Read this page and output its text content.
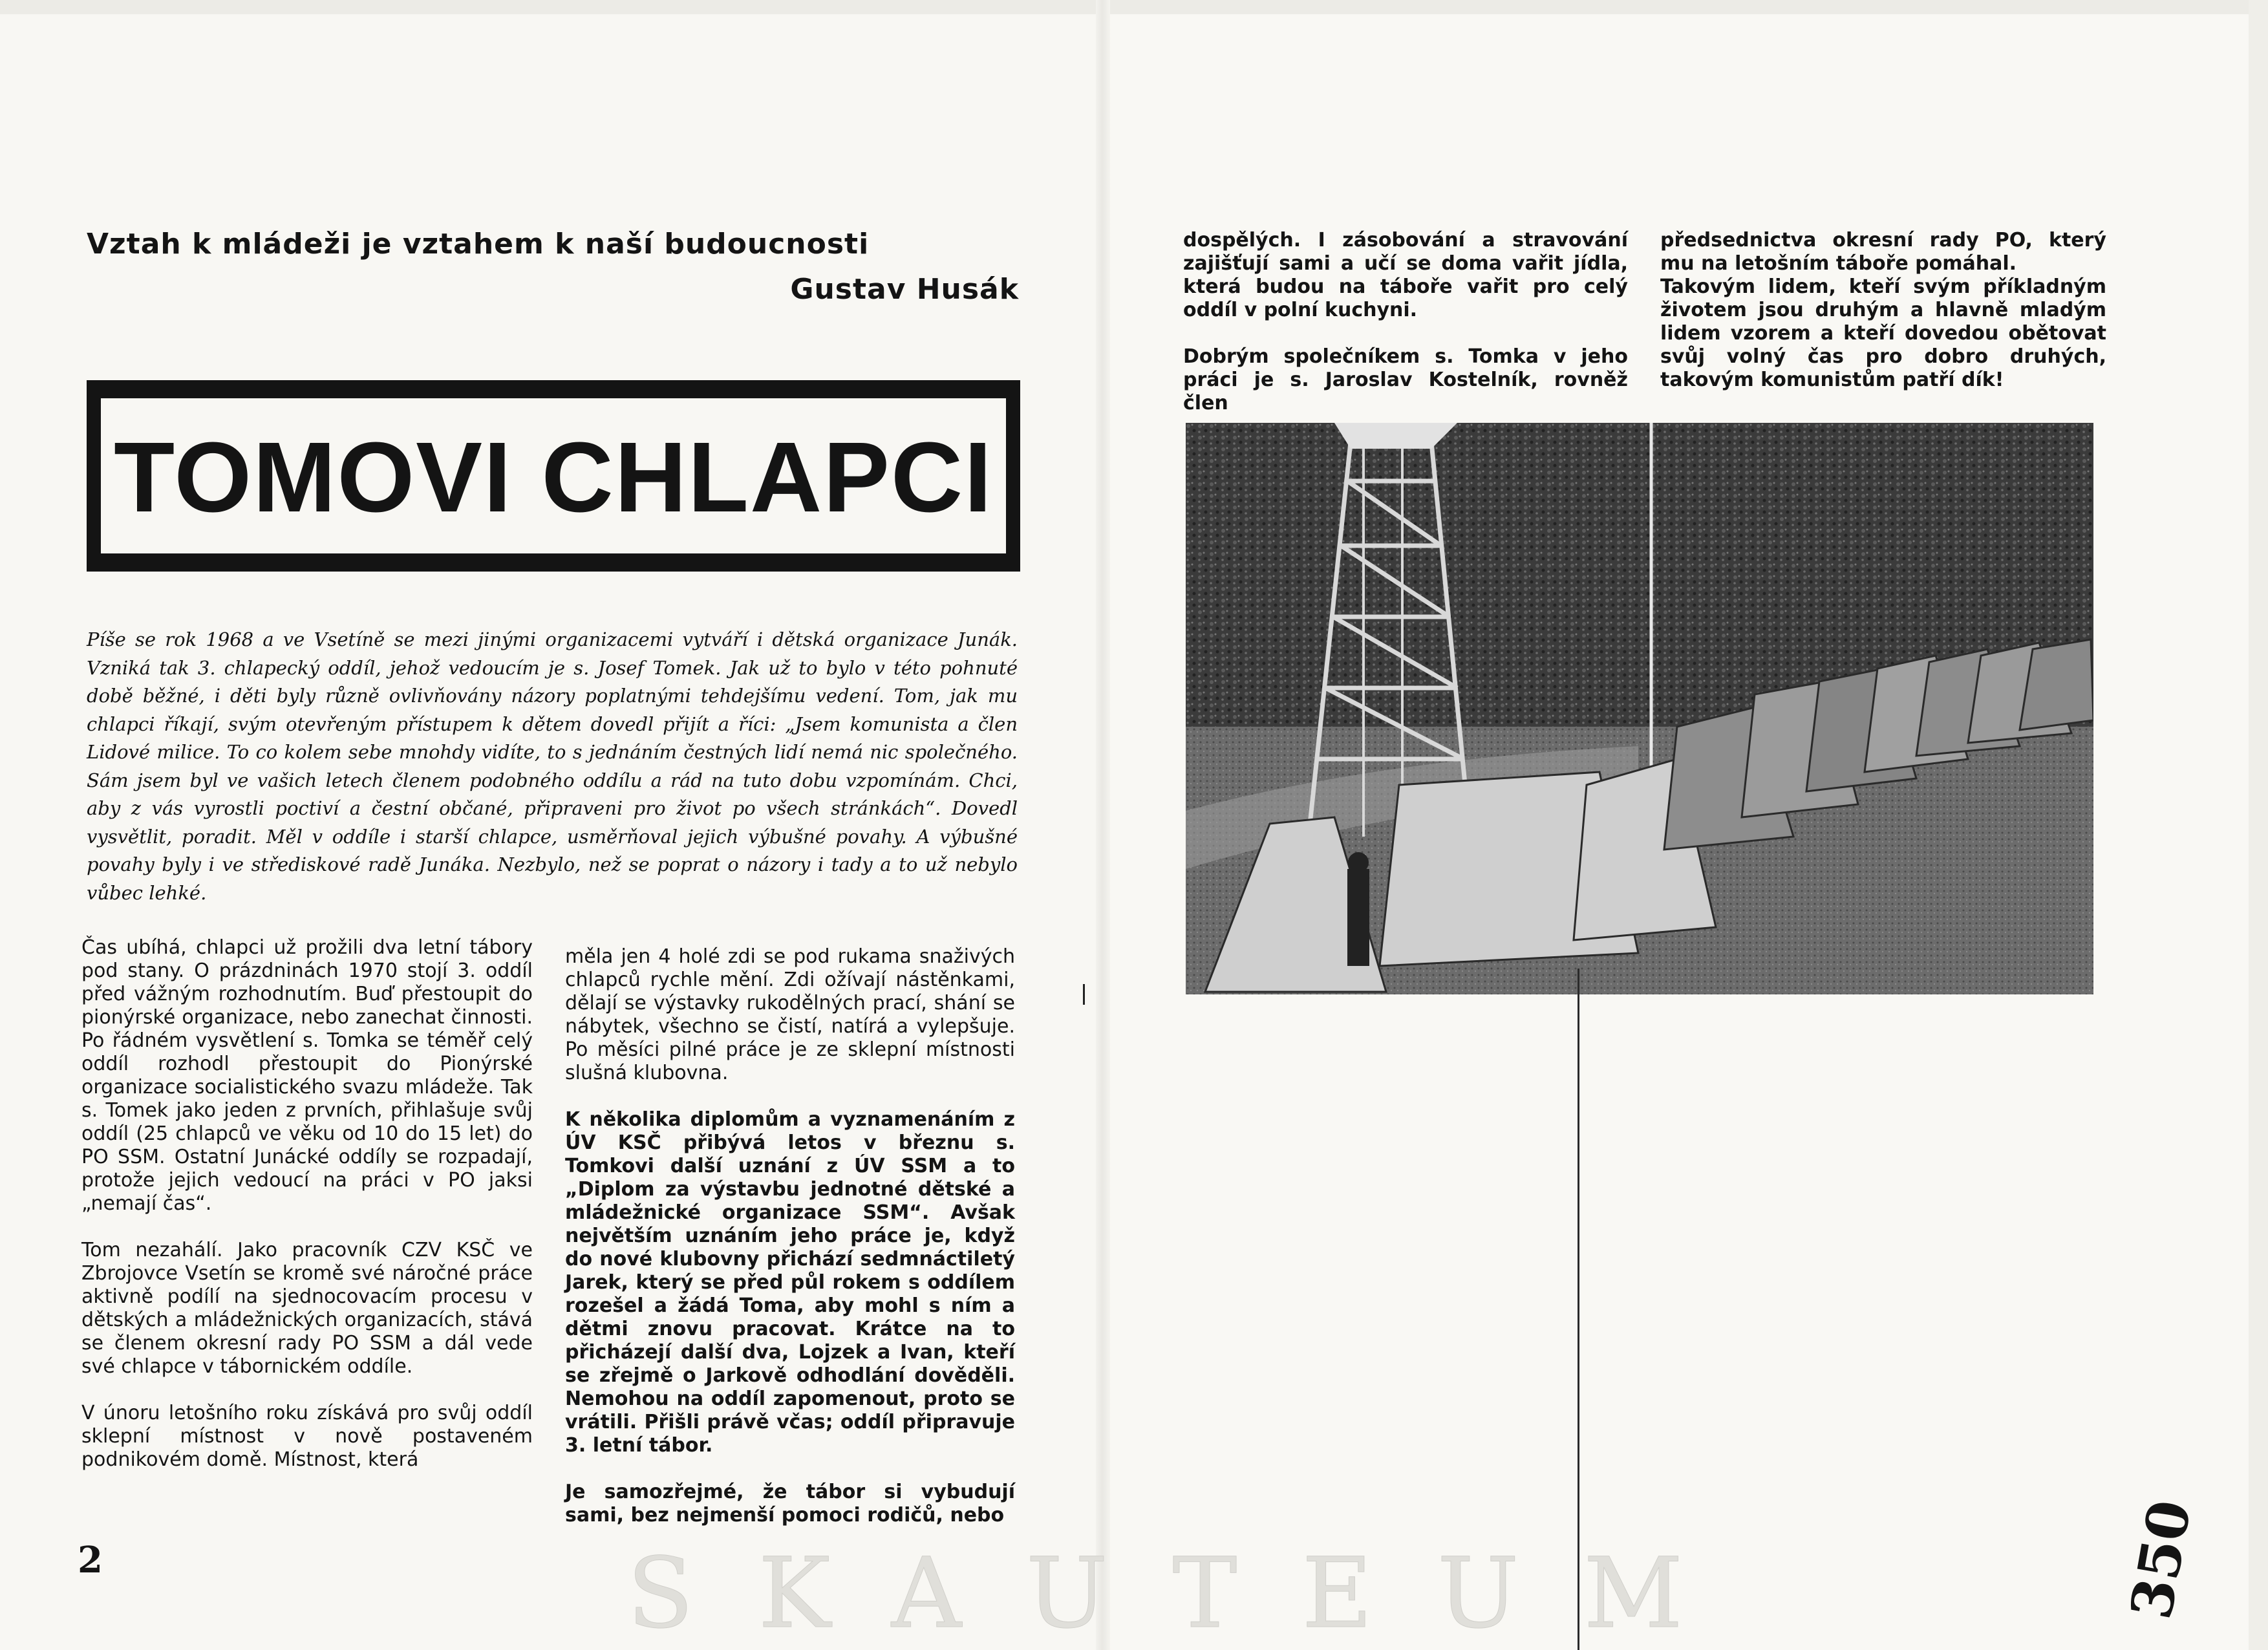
Vztah k mládeži je vztahem k naší budoucnosti
Gustav Husák
TOMOVI CHLAPCI
Píše se rok 1968 a ve Vsetíně se mezi jinými organizacemi vytváří i dětská organizace Junák. Vzniká tak 3. chlapecký oddíl, jehož vedoucím je s. Josef Tomek. Jak už to bylo v této pohnuté době běžné, i děti byly různě ovlivňovány názory poplatnými tehdejšímu vedení. Tom, jak mu chlapci říkají, svým otevřeným přístupem k dětem dovedl přijít a říci: „Jsem komunista a člen Lidové milice. To co kolem sebe mnohdy vidíte, to s jednáním čestných lidí nemá nic společného. Sám jsem byl ve vašich letech členem podobného oddílu a rád na tuto dobu vzpomínám. Chci, aby z vás vyrostli poctiví a čestní občané, připraveni pro život po všech stránkách“. Dovedl vysvětlit, poradit. Měl v oddíle i starší chlapce, usměrňoval jejich výbušné povahy. A výbušné povahy byly i ve střediskové radě Junáka. Nezbylo, než se poprat o názory i tady a to už nebylo vůbec lehké.

Čas ubíhá, chlapci už prožili dva letní tábory pod stany. O prázdninách 1970 stojí 3. oddíl před vážným rozhodnutím. Buď přestoupit do pionýrské organizace, nebo zanechat činnosti. Po řádném vysvětlení s. Tomka se téměř celý oddíl rozhodl přestoupit do Pionýrské organizace socialistického svazu mládeže. Tak s. Tomek jako jeden z prvních, přihlašuje svůj oddíl (25 chlapců ve věku od 10 do 15 let) do PO SSM. Ostatní Junácké oddíly se rozpadají, protože jejich vedoucí na práci v PO jaksi „nemají čas“.

Tom nezahálí. Jako pracovník CZV KSČ ve Zbrojovce Vsetín se kromě své náročné práce aktivně podílí na sjednocovacím procesu v dětských a mládežnických organizacích, stává se členem okresní rady PO SSM a dál vede své chlapce v tábornickém oddíle.

V únoru letošního roku získává pro svůj oddíl sklepní místnost v nově postaveném podnikovém domě. Místnost, která

měla jen 4 holé zdi se pod rukama snaživých chlapců rychle mění. Zdi ožívají nástěnkami, dělají se výstavky rukodělných prací, shání se nábytek, všechno se čistí, natírá a vylepšuje. Po měsíci pilné práce je ze sklepní místnosti slušná klubovna.

K několika diplomům a vyznamenáním z ÚV KSČ přibývá letos v březnu s. Tomkovi další uznání z ÚV SSM a to „Diplom za výstavbu jednotné dětské a mládežnické organizace SSM“. Avšak největším uznáním jeho práce je, když do nové klubovny přichází sedmnáctiletý Jarek, který se před půl rokem s oddílem rozešel a žádá Toma, aby mohl s ním a dětmi znovu pracovat. Krátce na to přicházejí další dva, Lojzek a Ivan, kteří se zřejmě o Jarkově odhodlání dověděli. Nemohou na oddíl zapomenout, proto se vrátili. Přišli právě včas; oddíl připravuje 3. letní tábor.

Je samozřejmé, že tábor si vybudují sami, bez nejmenší pomoci rodičů, nebo

dospělých. I zásobování a stravování zajišťují sami a učí se doma vařit jídla, která budou na táboře vařit pro celý oddíl v polní kuchyni.

Dobrým společníkem s. Tomka v jeho práci je s. Jaroslav Kostelník, rovněž člen

předsednictva okresní rady PO, který mu na letošním táboře pomáhal.

Takovým lidem, kteří svým příkladným životem jsou druhým a hlavně mladým lidem vzorem a kteří dovedou obětovat svůj volný čas pro dobro druhých, takovým komunistům patří dík!

2	350
SKAUTEUM
